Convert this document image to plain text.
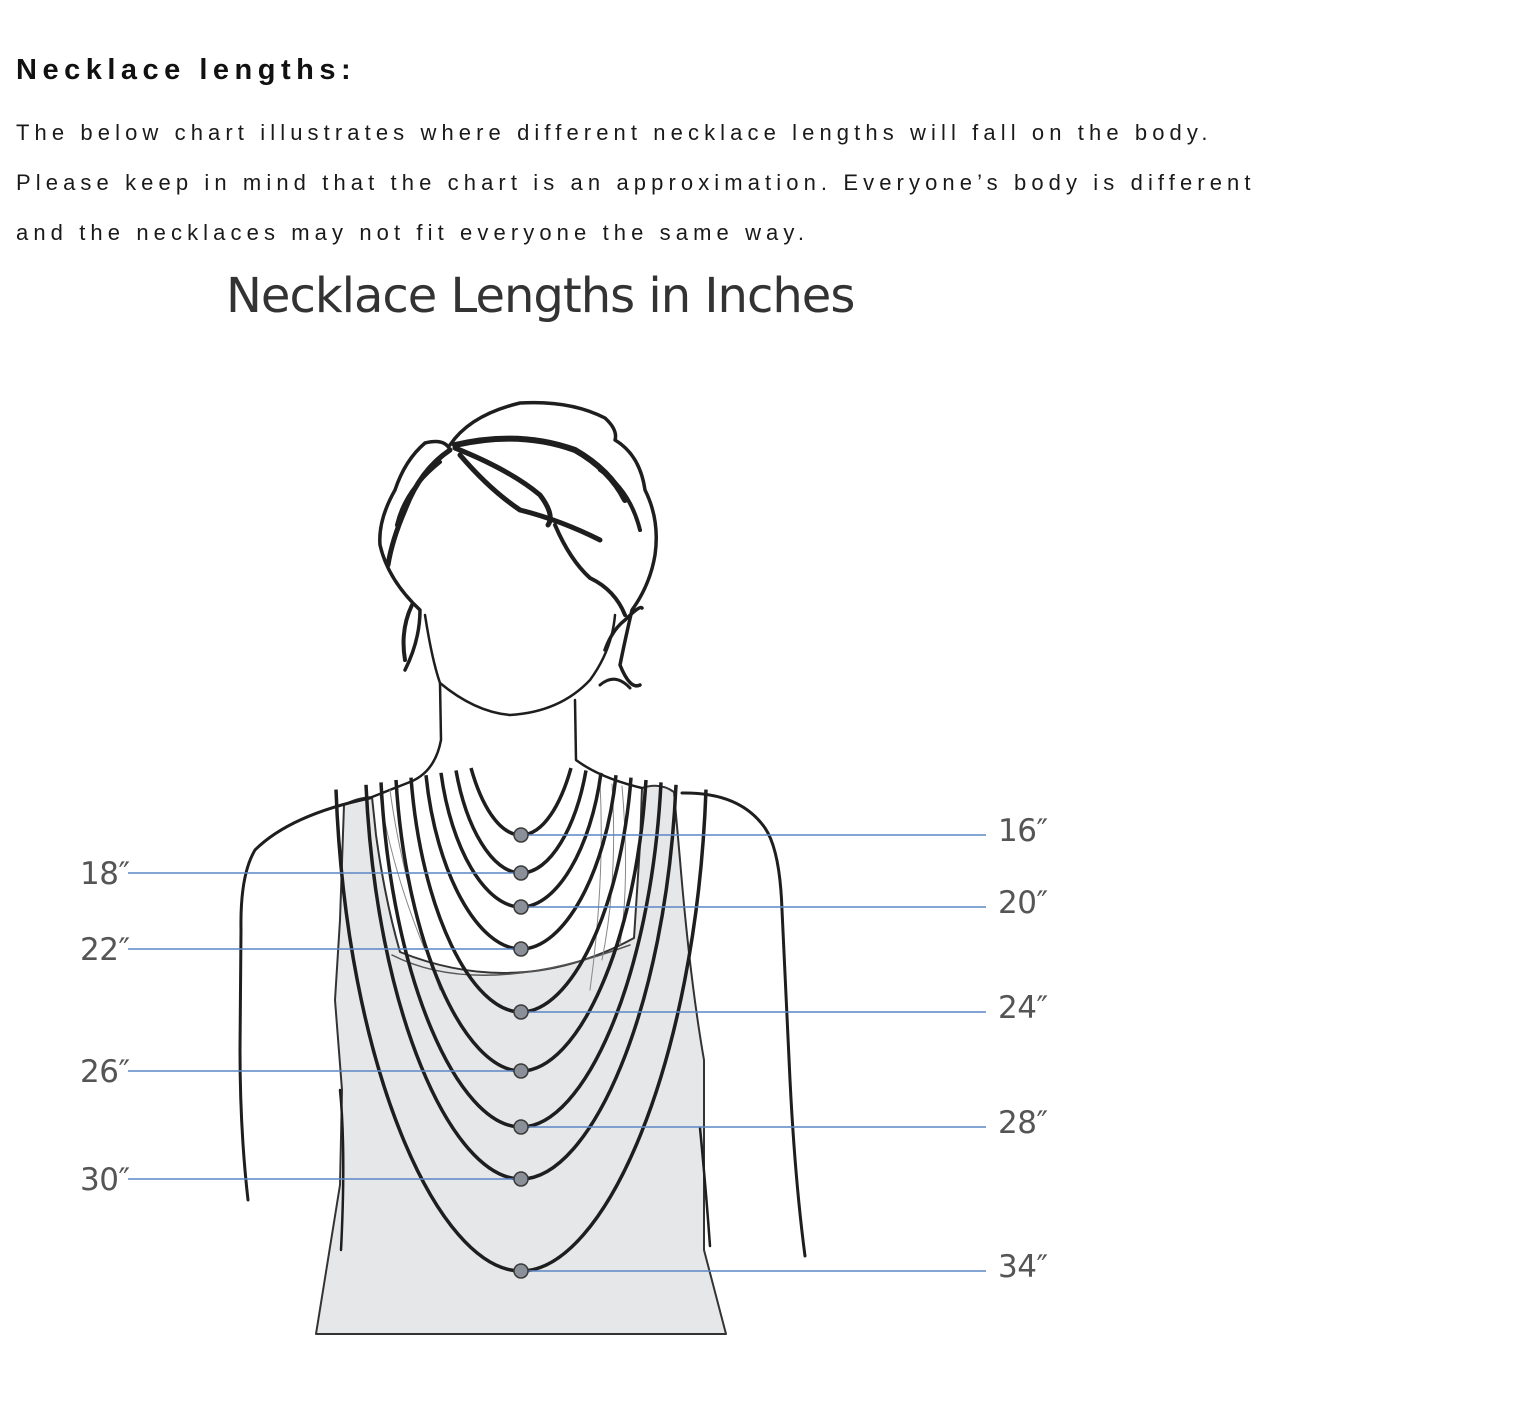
Necklace lengths:
The below chart illustrates where different necklace lengths will fall on the body.
Please keep in mind that the chart is an approximation. Everyone’s body is different
and the necklaces may not fit everyone the same way.
Necklace Lengths in Inches
16″
18″
20″
22″
24″
26″
28″
30″
34″
